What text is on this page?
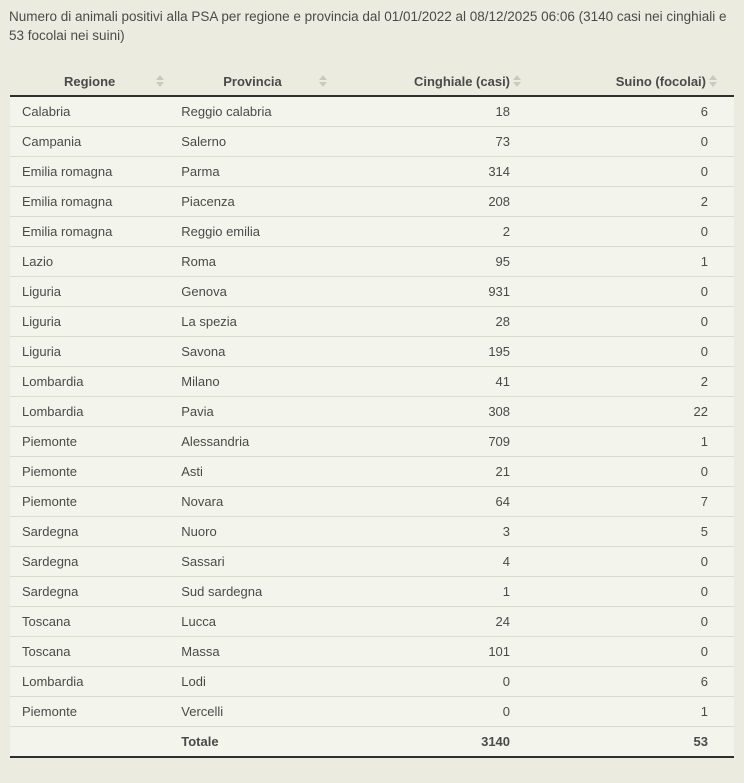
Numero di animali positivi alla PSA per regione e provincia dal 01/01/2022 al 08/12/2025 06:06 (3140 casi nei cinghiali e 53 focolai nei suini)
Regione	Provincia	Cinghiale (casi)	Suino (focolai)

Calabria	Reggio calabria	18	6
Campania	Salerno	73	0
Emilia romagna	Parma	314	0
Emilia romagna	Piacenza	208	2
Emilia romagna	Reggio emilia	2	0
Lazio	Roma	95	1
Liguria	Genova	931	0
Liguria	La spezia	28	0
Liguria	Savona	195	0
Lombardia	Milano	41	2
Lombardia	Pavia	308	22
Piemonte	Alessandria	709	1
Piemonte	Asti	21	0
Piemonte	Novara	64	7
Sardegna	Nuoro	3	5
Sardegna	Sassari	4	0
Sardegna	Sud sardegna	1	0
Toscana	Lucca	24	0
Toscana	Massa	101	0
Lombardia	Lodi	0	6
Piemonte	Vercelli	0	1
	Totale	3140	53
